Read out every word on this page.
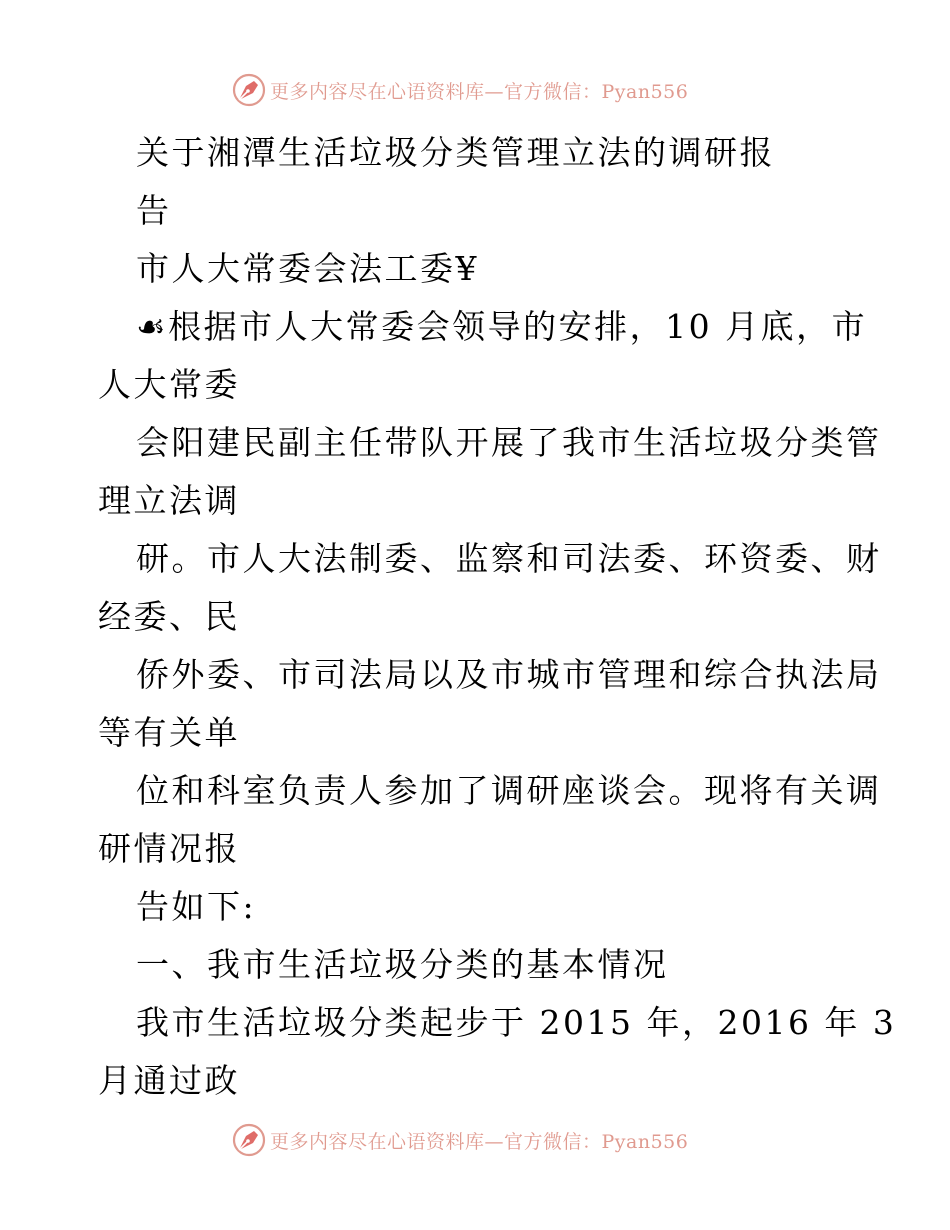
更多内容尽在心语资料库—官方微信：Pyan556
关于湘潭生活垃圾分类管理立法的调研报
告
市人大常委会法工委¥
☙根据市人大常委会领导的安排，10 月底，市
人大常委
会阳建民副主任带队开展了我市生活垃圾分类管
理立法调
研。市人大法制委、监察和司法委、环资委、财
经委、民
侨外委、市司法局以及市城市管理和综合执法局
等有关单
位和科室负责人参加了调研座谈会。现将有关调
研情况报
告如下:
一、我市生活垃圾分类的基本情况
我市生活垃圾分类起步于 2015 年，2016 年 3
月通过政
更多内容尽在心语资料库—官方微信：Pyan556
